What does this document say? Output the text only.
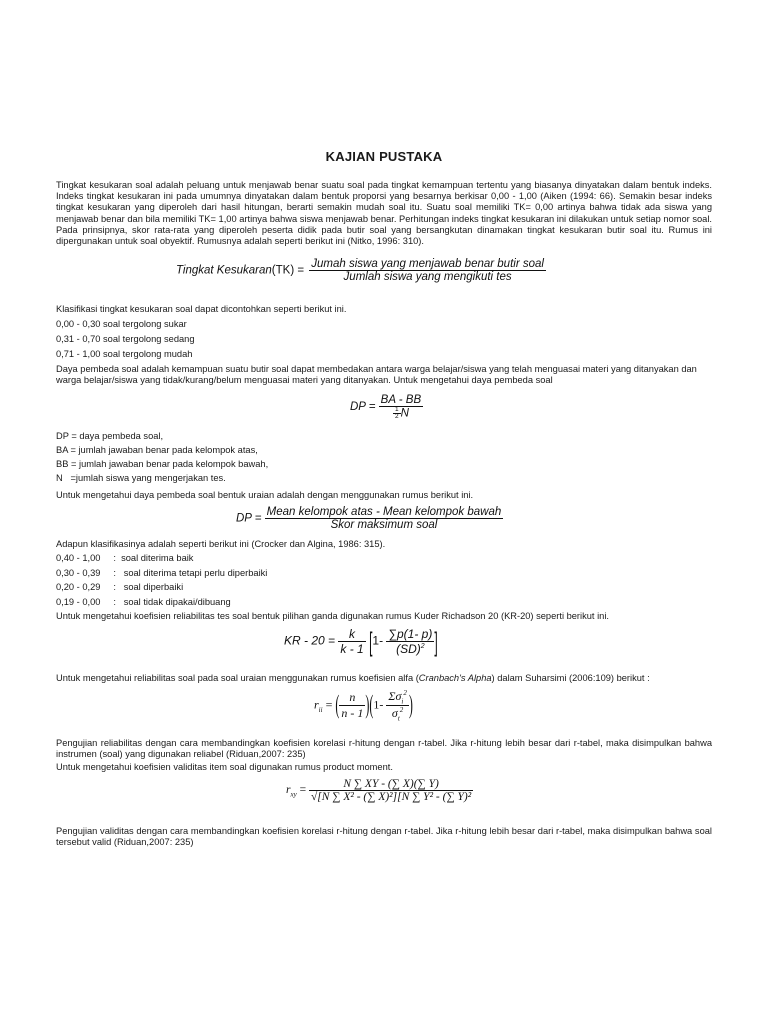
KAJIAN PUSTAKA

Tingkat kesukaran soal adalah peluang untuk menjawab benar suatu soal pada tingkat kemampuan tertentu yang biasanya dinyatakan dalam bentuk indeks. Indeks tingkat kesukaran ini pada umumnya dinyatakan dalam bentuk proporsi yang besarnya berkisar 0,00 - 1,00 (Aiken (1994: 66). Semakin besar indeks tingkat kesukaran yang diperoleh dari hasil hitungan, berarti semakin mudah soal itu. Suatu soal memiliki TK= 0,00 artinya bahwa tidak ada siswa yang menjawab benar dan bila memiliki TK= 1,00 artinya bahwa siswa menjawab benar. Perhitungan indeks tingkat kesukaran ini dilakukan untuk setiap nomor soal. Pada prinsipnya, skor rata-rata yang diperoleh peserta didik pada butir soal yang bersangkutan dinamakan tingkat kesukaran butir soal itu. Rumus ini dipergunakan untuk soal obyektif. Rumusnya adalah seperti berikut ini (Nitko, 1996: 310).

Tingkat Kesukaran(TK) = $\frac{\text{Jumah siswa yang menjawab benar butir soal}}{\text{Jumlah siswa yang mengikuti tes}}$

Klasifikasi tingkat kesukaran soal dapat dicontohkan seperti berikut ini.

0,00 - 0,30 soal tergolong sukar

0,31 - 0,70 soal tergolong sedang

0,71 - 1,00 soal tergolong mudah

Daya pembeda soal adalah kemampuan suatu butir soal dapat membedakan antara warga belajar/siswa yang telah menguasai materi yang ditanyakan dan warga belajar/siswa yang tidak/kurang/belum menguasai materi yang ditanyakan. Untuk mengetahui daya pembeda soal

DP = $\frac{BA - BB}{\frac{1}{2} N}$

DP = daya pembeda soal,

BA = jumlah jawaban benar pada kelompok atas,

BB = jumlah jawaban benar pada kelompok bawah,

N   =jumlah siswa yang mengerjakan tes.

Untuk mengetahui daya pembeda soal bentuk uraian adalah dengan menggunakan rumus berikut ini.

DP = $\frac{\text{Mean kelompok atas - Mean kelompok bawah}}{\text{Skor maksimum soal}}$

Adapun klasifikasinya adalah seperti berikut ini (Crocker dan Algina, 1986: 315).

0,40 - 1,00     :  soal diterima baik

0,30 - 0,39     :   soal diterima tetapi perlu diperbaiki

0,20 - 0,29     :   soal diperbaiki

0,19 - 0,00     :   soal tidak dipakai/dibuang

Untuk mengetahui koefisien reliabilitas tes soal bentuk pilihan ganda digunakan rumus Kuder Richadson 20 (KR-20) seperti berikut ini.

KR - $20 = \frac{k}{k - 1} [1- \frac{\sum p(1- p)}{(SD)^2}$ ]

Untuk mengetahui reliabilitas soal pada soal uraian menggunakan rumus koefisien alfa (Cranbach's Alpha) dalam Suharsimi (2006:109) berikut :

$r_{ii}$ = ( $\frac{n}{n - 1} )(1- \frac{\Sigma\sigma_i^2}{\sigma_t^2}$ )

Pengujian reliabilitas dengan cara membandingkan koefisien korelasi r-hitung dengan r-tabel. Jika r-hitung lebih besar dari r-tabel, maka disimpulkan bahwa instrumen (soal) yang digunakan reliabel (Riduan,2007: 235)

Untuk mengetahui koefisien validitas item soal digunakan rumus product moment.

$r_{xy} = \frac{N \sum XY - (\sum X)(\sum Y)}{\text{√[N ∑ X² - (∑ X)²][N ∑ Y² - (∑ Y)²}}$

Pengujian validitas dengan cara membandingkan koefisien korelasi r-hitung dengan r-tabel. Jika r-hitung lebih besar dari r-tabel, maka disimpulkan bahwa soal tersebut valid (Riduan,2007: 235)
